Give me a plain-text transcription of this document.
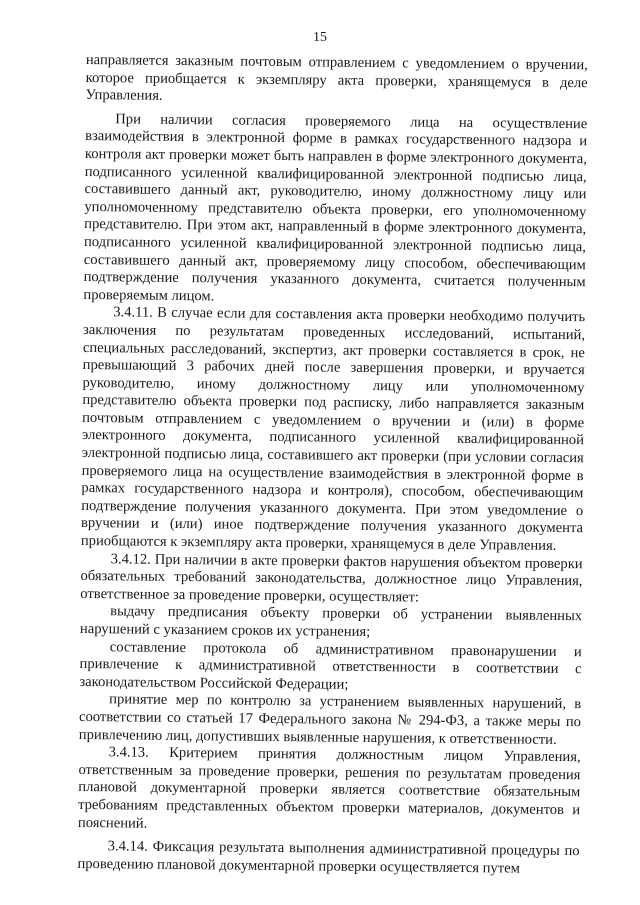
15

направляется заказным почтовым отправлением с уведомлением о вручении, которое приобщается к экземпляру акта проверки, хранящемуся в деле Управления.

При наличии согласия проверяемого лица на осуществление взаимодействия в электронной форме в рамках государственного надзора и контроля акт проверки может быть направлен в форме электронного документа, подписанного усиленной квалифицированной электронной подписью лица, составившего данный акт, руководителю, иному должностному лицу или уполномоченному представителю объекта проверки, его уполномоченному представителю. При этом акт, направленный в форме электронного документа, подписанного усиленной квалифицированной электронной подписью лица, составившего данный акт, проверяемому лицу способом, обеспечивающим подтверждение получения указанного документа, считается полученным проверяемым лицом.

3.4.11. В случае если для составления акта проверки необходимо получить заключения по результатам проведенных исследований, испытаний, специальных расследований, экспертиз, акт проверки составляется в срок, не превышающий 3 рабочих дней после завершения проверки, и вручается руководителю, иному должностному лицу или уполномоченному представителю объекта проверки под расписку, либо направляется заказным почтовым отправлением с уведомлением о вручении и (или) в форме электронного документа, подписанного усиленной квалифицированной электронной подписью лица, составившего акт проверки (при условии согласия проверяемого лица на осуществление взаимодействия в электронной форме в рамках государственного надзора и контроля), способом, обеспечивающим подтверждение получения указанного документа. При этом уведомление о вручении и (или) иное подтверждение получения указанного документа приобщаются к экземпляру акта проверки, хранящемуся в деле Управления.

3.4.12. При наличии в акте проверки фактов нарушения объектом проверки обязательных требований законодательства, должностное лицо Управления, ответственное за проведение проверки, осуществляет:

выдачу предписания объекту проверки об устранении выявленных нарушений с указанием сроков их устранения;

составление протокола об административном правонарушении и привлечение к административной ответственности в соответствии с законодательством Российской Федерации;

принятие мер по контролю за устранением выявленных нарушений, в соответствии со статьей 17 Федерального закона № 294-ФЗ, а также меры по привлечению лиц, допустивших выявленные нарушения, к ответственности.

3.4.13. Критерием принятия должностным лицом Управления, ответственным за проведение проверки, решения по результатам проведения плановой документарной проверки является соответствие обязательным требованиям представленных объектом проверки материалов, документов и пояснений.

3.4.14. Фиксация результата выполнения административной процедуры по проведению плановой документарной проверки осуществляется путем
